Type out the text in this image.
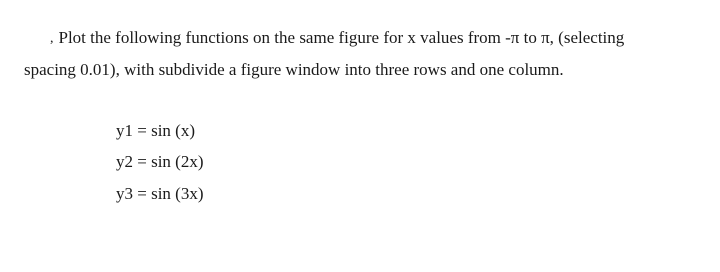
, Plot the following functions on the same figure for x values from -π to π, (selecting
spacing 0.01), with subdivide a figure window into three rows and one column.
y1 = sin (x)
y2 = sin (2x)
y3 = sin (3x)
